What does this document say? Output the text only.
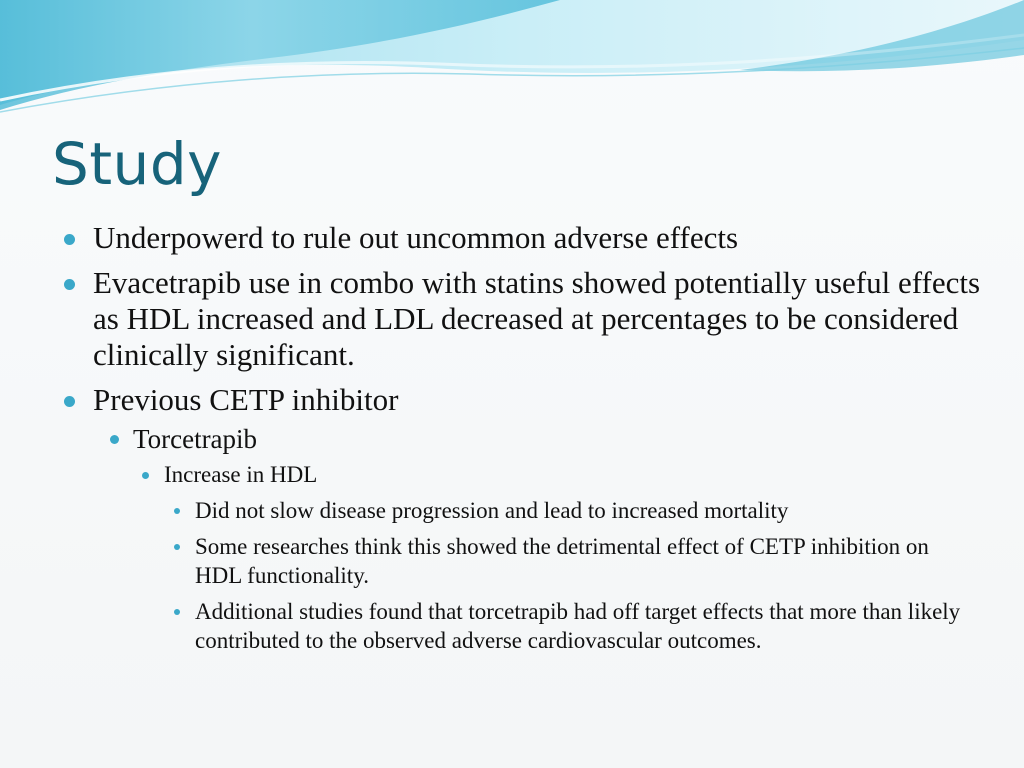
Study

Underpowerd to rule out uncommon adverse effects

Evacetrapib use in combo with statins showed potentially useful effects as HDL increased and LDL decreased at percentages to be considered clinically significant.

Previous CETP inhibitor

Torcetrapib

Increase in HDL

Did not slow disease progression and lead to increased mortality

Some researches think this showed the detrimental effect of CETP inhibition on HDL functionality.

Additional studies found that torcetrapib had off target effects that more than likely contributed to the observed adverse cardiovascular outcomes.
